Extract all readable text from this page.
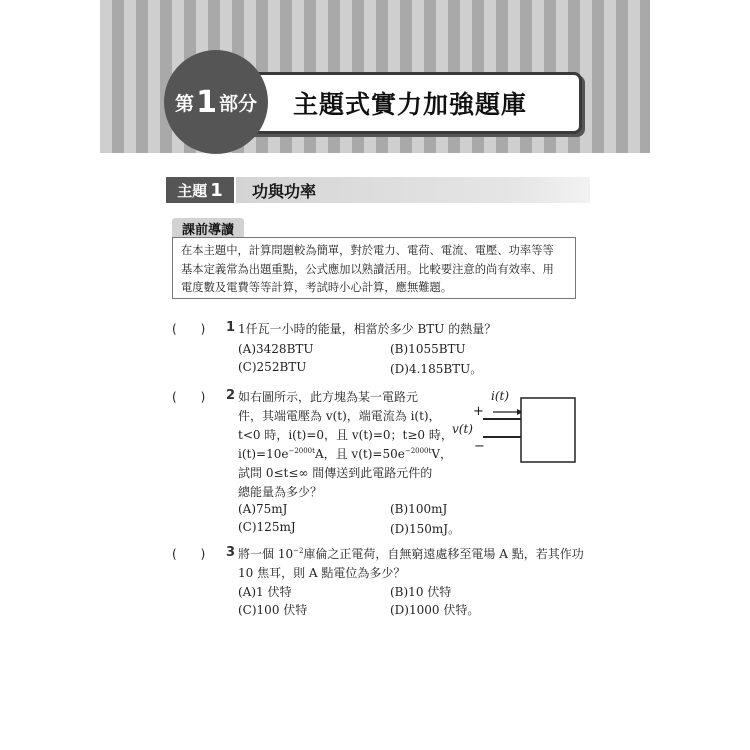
主題式實力加強題庫
第 1 部分
主題 1 功與功率
課前導讀
在本主題中，計算問題較為簡單，對於電力、電荷、電流、電壓、功率等等
基本定義常為出題重點，公式應加以熟讀活用。比較要注意的尚有效率、用
電度數及電費等等計算，考試時小心計算，應無難題。
(　　) 1 1仟瓦一小時的能量，相當於多少 BTU 的熱量？
(A)3428BTU	(B)1055BTU
(C)252BTU	(D)4.185BTU。
(　　) 2 如右圖所示，此方塊為某一電路元
件，其端電壓為 v(t)，端電流為 i(t)，
t<0 時，i(t)=0，且 v(t)=0；t≥0 時，
$i(t)=10e^{-2000t}A$，且 $v(t)=50e^{-2000t}V$，
試問 0≤t≤∞ 間傳送到此電路元件的
總能量為多少？
(A)75mJ	(B)100mJ
(C)125mJ	(D)150mJ。
(　　) 3 將一個 $10^{-2}$庫倫之正電荷，自無窮遠處移至電場 A 點，若其作功
10 焦耳，則 A 點電位為多少？
(A)1 伏特	(B)10 伏特
(C)100 伏特	(D)1000 伏特。
i(t)
+
v(t)
−
